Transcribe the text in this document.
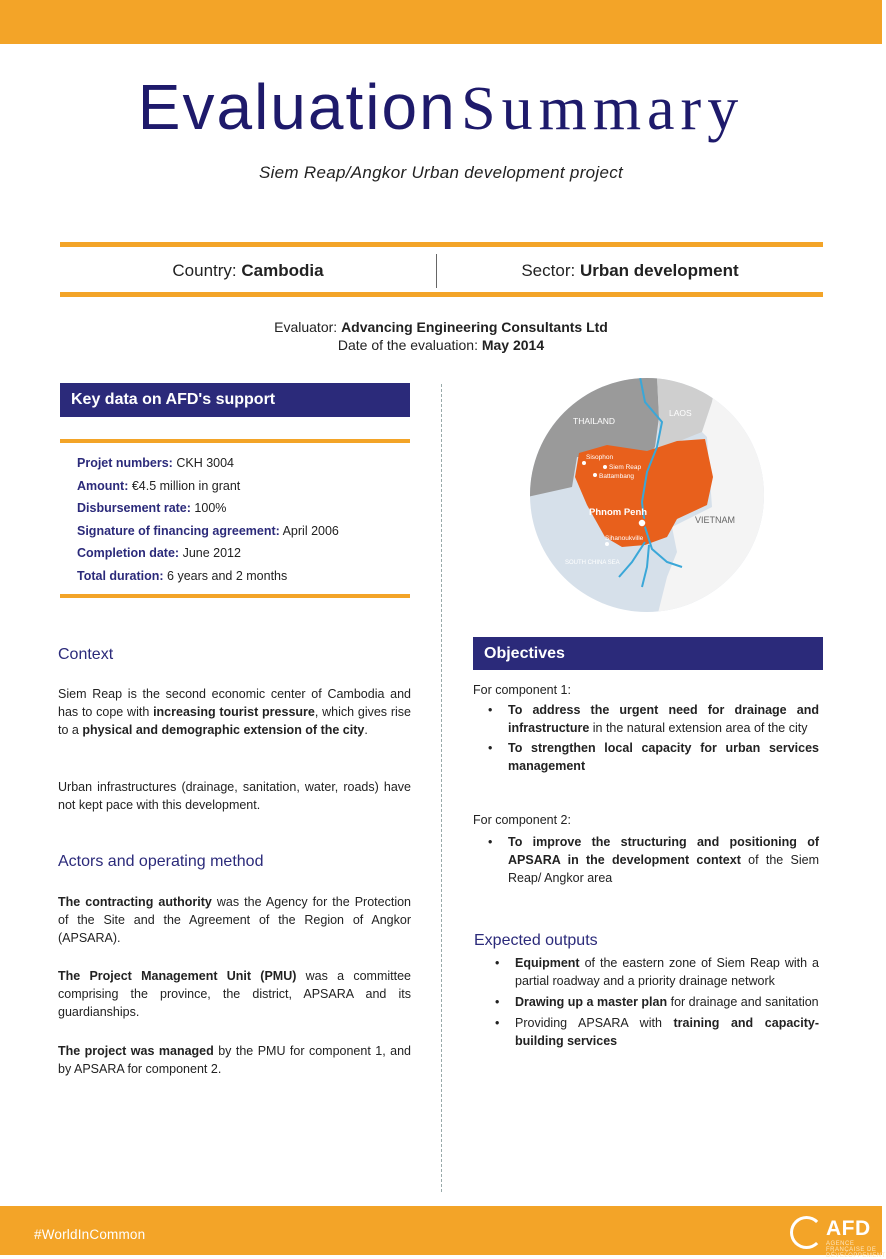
Evaluation Summary
Siem Reap/Angkor Urban development project
Country: Cambodia	Sector: Urban development
Evaluator: Advancing Engineering Consultants Ltd
Date of the evaluation: May 2014
Key data on AFD's support
Projet numbers: CKH 3004
Amount: €4.5 million in grant
Disbursement rate: 100%
Signature of financing agreement: April 2006
Completion date: June 2012
Total duration: 6 years and 2 months
Context

Siem Reap is the second economic center of Cambodia and has to cope with increasing tourist pressure, which gives rise to a physical and demographic extension of the city.

Urban infrastructures (drainage, sanitation, water, roads) have not kept pace with this development.

Actors and operating method

The contracting authority was the Agency for the Protection of the Site and the Agreement of the Region of Angkor (APSARA).

The Project Management Unit (PMU) was a committee comprising the province, the district, APSARA and its guardianships.

The project was managed by the PMU for component 1, and by APSARA for component 2.

THAILAND
LAOS
VIETNAM
SOUTH CHINA SEA
Sisophon
Siem Reap
Battambang
Phnom Penh
Sihanoukville
Objectives
For component 1:
• To address the urgent need for drainage and infrastructure in the natural extension area of the city
• To strengthen local capacity for urban services management
For component 2:
• To improve the structuring and positioning of APSARA in the development context of the Siem Reap/ Angkor area
Expected outputs
• Equipment of the eastern zone of Siem Reap with a partial roadway and a priority drainage network
• Drawing up a master plan for drainage and sanitation
• Providing APSARA with training and capacity-building services
#WorldInCommon	AFD
AGENCE FRANÇAISE DE DÉVELOPPEMENT
